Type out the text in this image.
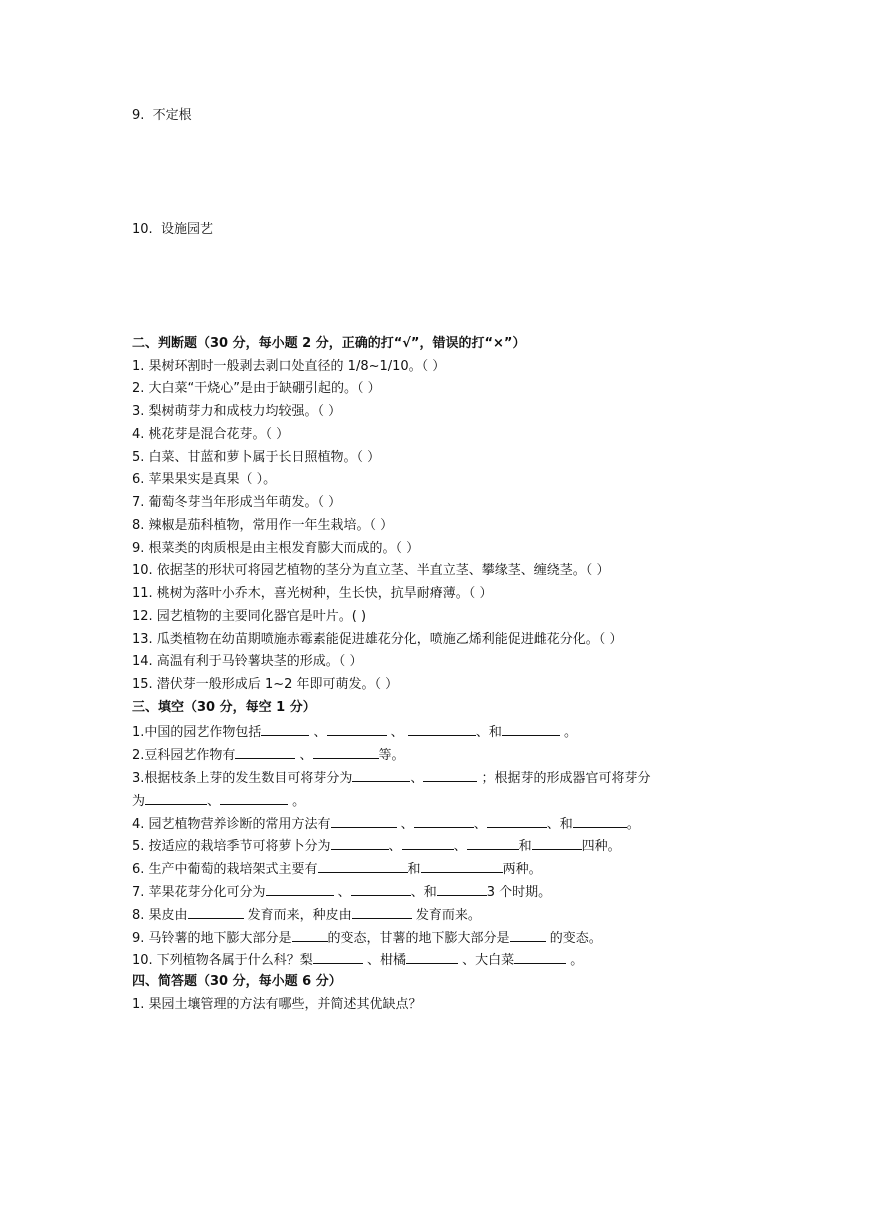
9. 不定根
10. 设施园艺
二、判断题（30 分，每小题 2 分，正确的打“√”，错误的打“×”）
1. 果树环割时一般剥去剥口处直径的 1/8~1/10。（ ）
2. 大白菜“干烧心”是由于缺硼引起的。（ ）
3. 梨树萌芽力和成枝力均较强。（ ）
4. 桃花芽是混合花芽。（ ）
5. 白菜、甘蓝和萝卜属于长日照植物。（ ）
6. 苹果果实是真果（ ）。
7. 葡萄冬芽当年形成当年萌发。（ ）
8. 辣椒是茄科植物，常用作一年生栽培。（ ）
9. 根菜类的肉质根是由主根发育膨大而成的。（ ）
10. 依据茎的形状可将园艺植物的茎分为直立茎、半直立茎、攀缘茎、缠绕茎。（ ）
11. 桃树为落叶小乔木，喜光树种，生长快，抗旱耐瘠薄。（ ）
12. 园艺植物的主要同化器官是叶片。( )
13. 瓜类植物在幼苗期喷施赤霉素能促进雄花分化，喷施乙烯利能促进雌花分化。（ ）
14. 高温有利于马铃薯块茎的形成。（ ）
15. 潜伏芽一般形成后 1~2 年即可萌发。（ ）
三、填空（30 分，每空 1 分）
1.中国的园艺作物包括	、	、	、和	。
2.豆科园艺作物有	、	等。
3.根据枝条上芽的发生数目可将芽分为	、	；根据芽的形成器官可将芽分
为	、	。
4. 园艺植物营养诊断的常用方法有	、	、	、和	。
5. 按适应的栽培季节可将萝卜分为	、	、	和	四种。
6. 生产中葡萄的栽培架式主要有	和	两种。
7. 苹果花芽分化可分为	、	、和	3 个时期。
8. 果皮由	发育而来，种皮由	发育而来。
9. 马铃薯的地下膨大部分是	的变态，甘薯的地下膨大部分是	的变态。
10. 下列植物各属于什么科？梨	、柑橘	、大白菜	。
四、简答题（30 分，每小题 6 分）
1. 果园土壤管理的方法有哪些，并简述其优缺点？
